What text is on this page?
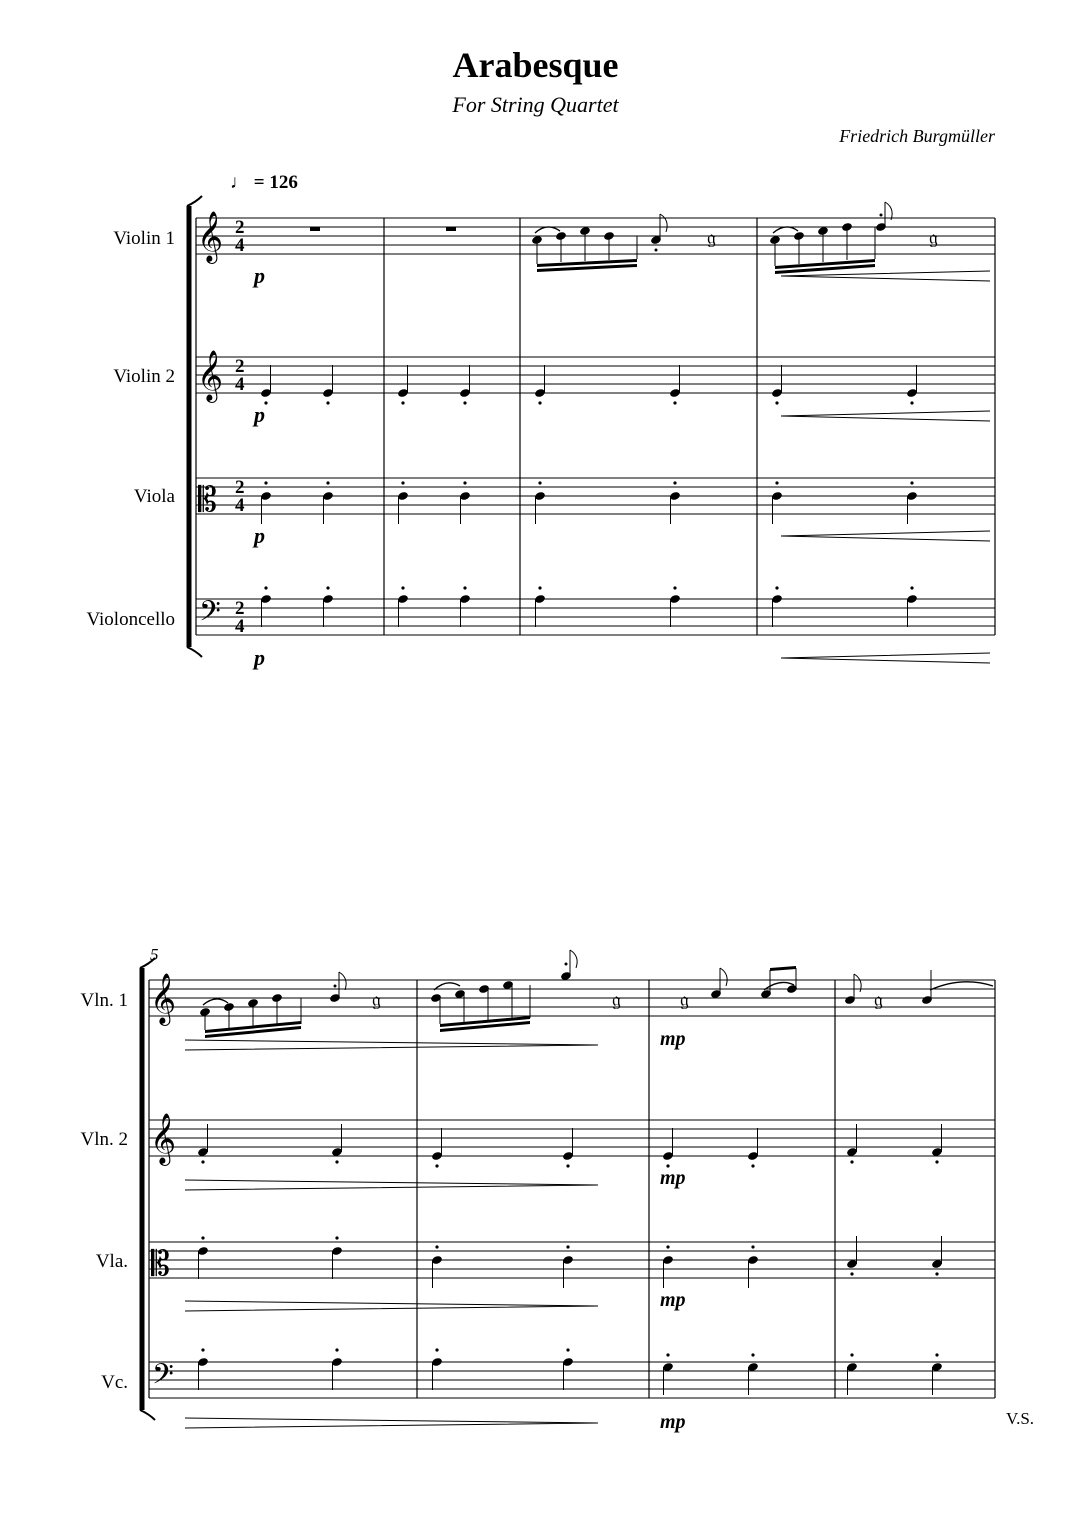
Arabesque
For String Quartet
Friedrich Burgmüller
♩ = 126
V.S.
Violin 1
Violin 2
Viola
Violoncello
𝄞
𝄞
𝄡
𝄢
2
4
2
4
2
4
2
4
𝔤	𝔤
p
p
p
p
5
Vln. 1
Vln. 2
Vla.
Vc.
𝄞
𝄞
𝄡
𝄢
𝔤	𝔤	𝔤
mp
𝔤
mp
mp
mp
